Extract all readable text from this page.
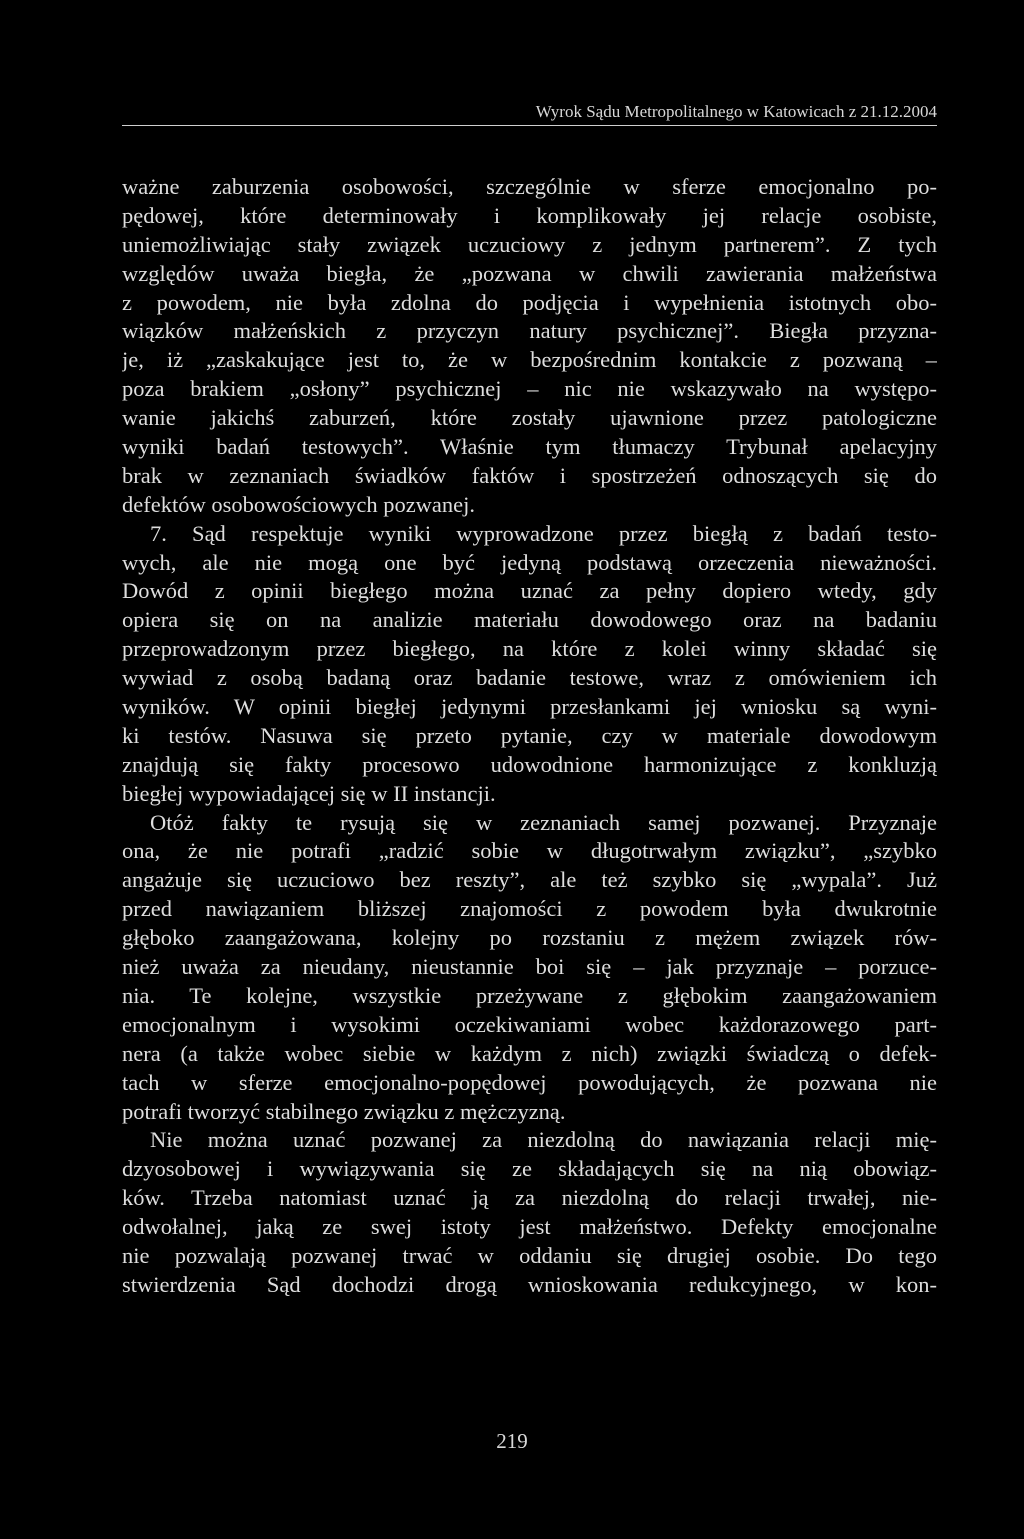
Wyrok Sądu Metropolitalnego w Katowicach z 21.12.2004
ważne zaburzenia osobowości, szczególnie w sferze emocjonalno po-
pędowej, które determinowały i komplikowały jej relacje osobiste,
uniemożliwiając stały związek uczuciowy z jednym partnerem”. Z tych
względów uważa biegła, że „pozwana w chwili zawierania małżeństwa
z powodem, nie była zdolna do podjęcia i wypełnienia istotnych obo-
wiązków małżeńskich z przyczyn natury psychicznej”. Biegła przyzna-
je, iż „zaskakujące jest to, że w bezpośrednim kontakcie z pozwaną –
poza brakiem „osłony” psychicznej – nic nie wskazywało na występo-
wanie jakichś zaburzeń, które zostały ujawnione przez patologiczne
wyniki badań testowych”. Właśnie tym tłumaczy Trybunał apelacyjny
brak w zeznaniach świadków faktów i spostrzeżeń odnoszących się do
defektów osobowościowych pozwanej.
7. Sąd respektuje wyniki wyprowadzone przez biegłą z badań testo-
wych, ale nie mogą one być jedyną podstawą orzeczenia nieważności.
Dowód z opinii biegłego można uznać za pełny dopiero wtedy, gdy
opiera się on na analizie materiału dowodowego oraz na badaniu
przeprowadzonym przez biegłego, na które z kolei winny składać się
wywiad z osobą badaną oraz badanie testowe, wraz z omówieniem ich
wyników. W opinii biegłej jedynymi przesłankami jej wniosku są wyni-
ki testów. Nasuwa się przeto pytanie, czy w materiale dowodowym
znajdują się fakty procesowo udowodnione harmonizujące z konkluzją
biegłej wypowiadającej się w II instancji.
Otóż fakty te rysują się w zeznaniach samej pozwanej. Przyznaje
ona, że nie potrafi „radzić sobie w długotrwałym związku”, „szybko
angażuje się uczuciowo bez reszty”, ale też szybko się „wypala”. Już
przed nawiązaniem bliższej znajomości z powodem była dwukrotnie
głęboko zaangażowana, kolejny po rozstaniu z mężem związek rów-
nież uważa za nieudany, nieustannie boi się – jak przyznaje – porzuce-
nia. Te kolejne, wszystkie przeżywane z głębokim zaangażowaniem
emocjonalnym i wysokimi oczekiwaniami wobec każdorazowego part-
nera (a także wobec siebie w każdym z nich) związki świadczą o defek-
tach w sferze emocjonalno-popędowej powodujących, że pozwana nie
potrafi tworzyć stabilnego związku z mężczyzną.
Nie można uznać pozwanej za niezdolną do nawiązania relacji mię-
dzyosobowej i wywiązywania się ze składających się na nią obowiąz-
ków. Trzeba natomiast uznać ją za niezdolną do relacji trwałej, nie-
odwołalnej, jaką ze swej istoty jest małżeństwo. Defekty emocjonalne
nie pozwalają pozwanej trwać w oddaniu się drugiej osobie. Do tego
stwierdzenia Sąd dochodzi drogą wnioskowania redukcyjnego, w kon-
219
